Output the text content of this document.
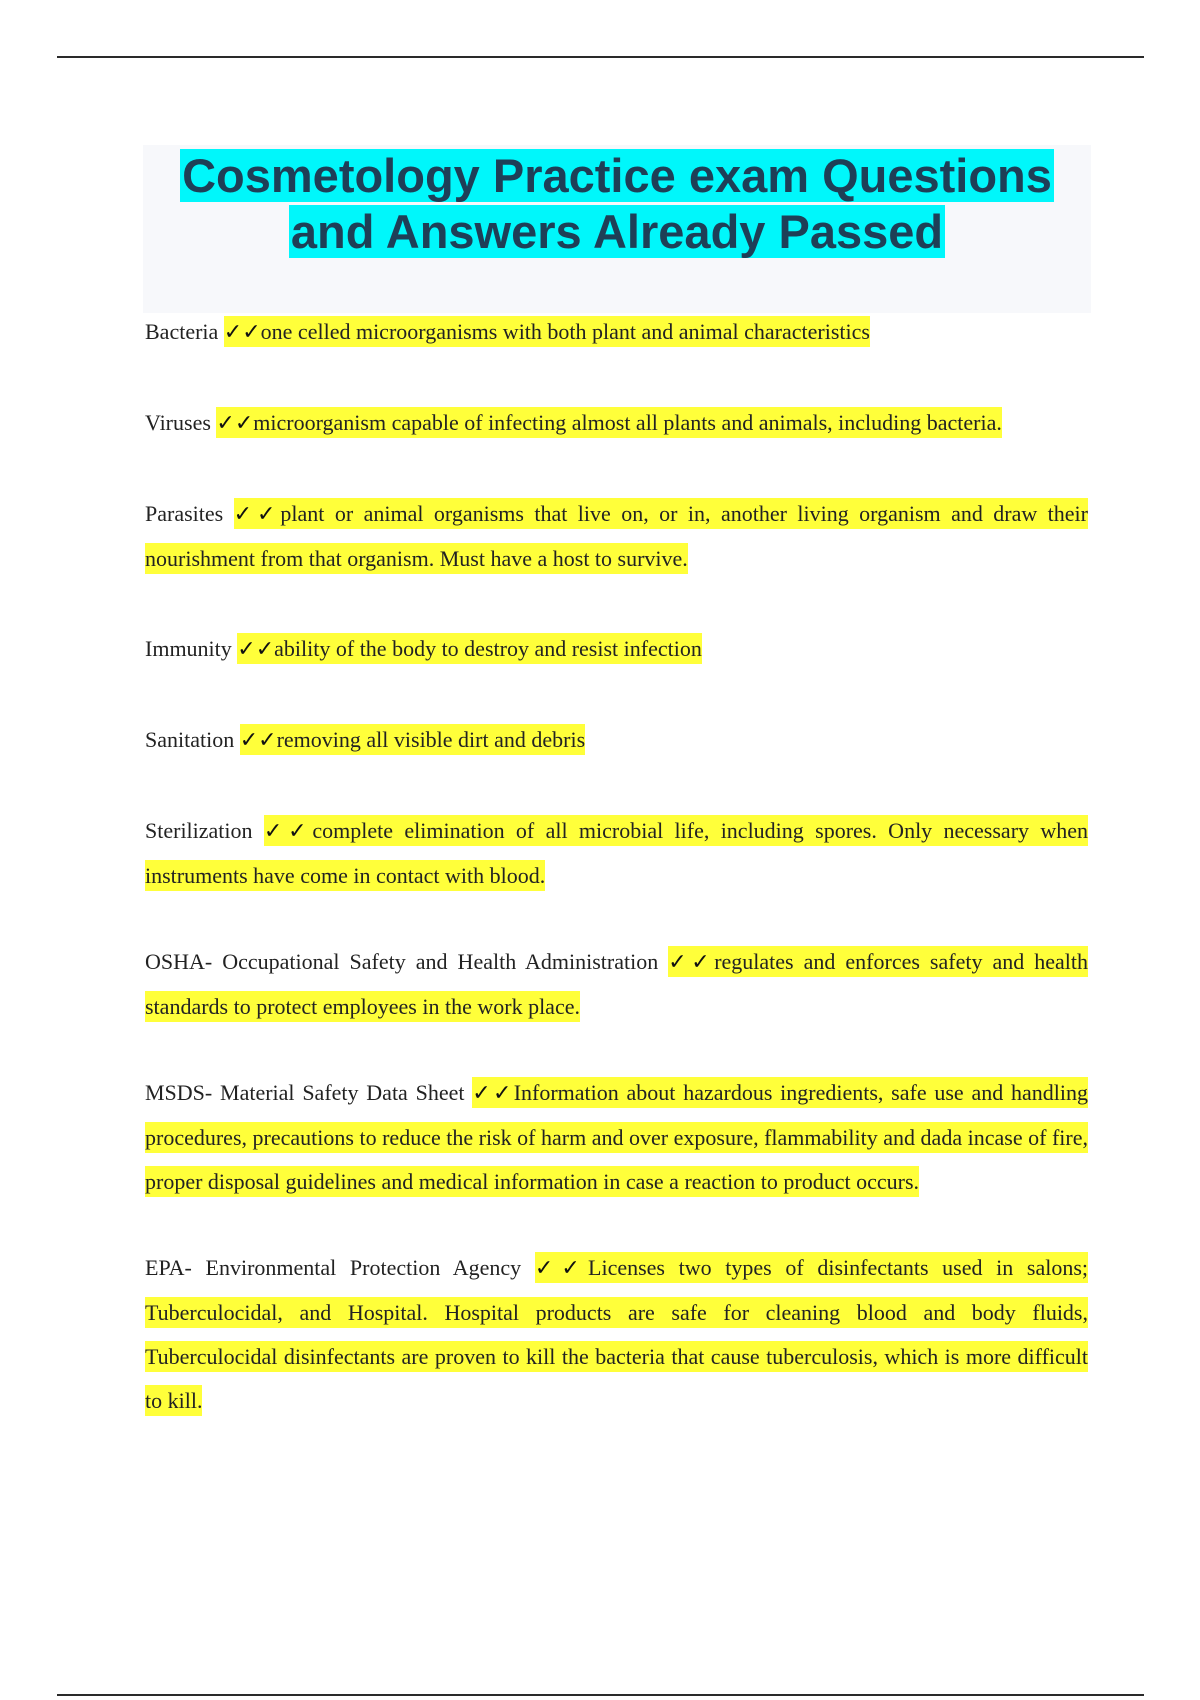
Cosmetology Practice exam Questions
and Answers Already Passed

Bacteria ✓✓one celled microorganisms with both plant and animal characteristics

Viruses ✓✓microorganism capable of infecting almost all plants and animals, including bacteria.

Parasites ✓✓plant or animal organisms that live on, or in, another living organism and draw their nourishment from that organism. Must have a host to survive.

Immunity ✓✓ability of the body to destroy and resist infection

Sanitation ✓✓removing all visible dirt and debris

Sterilization ✓✓complete elimination of all microbial life, including spores. Only necessary when instruments have come in contact with blood.

OSHA- Occupational Safety and Health Administration ✓✓regulates and enforces safety and health standards to protect employees in the work place.

MSDS- Material Safety Data Sheet ✓✓Information about hazardous ingredients, safe use and handling procedures, precautions to reduce the risk of harm and over exposure, flammability and dada incase of fire, proper disposal guidelines and medical information in case a reaction to product occurs.

EPA- Environmental Protection Agency ✓✓Licenses two types of disinfectants used in salons; Tuberculocidal, and Hospital. Hospital products are safe for cleaning blood and body fluids, Tuberculocidal disinfectants are proven to kill the bacteria that cause tuberculosis, which is more difficult to kill.
